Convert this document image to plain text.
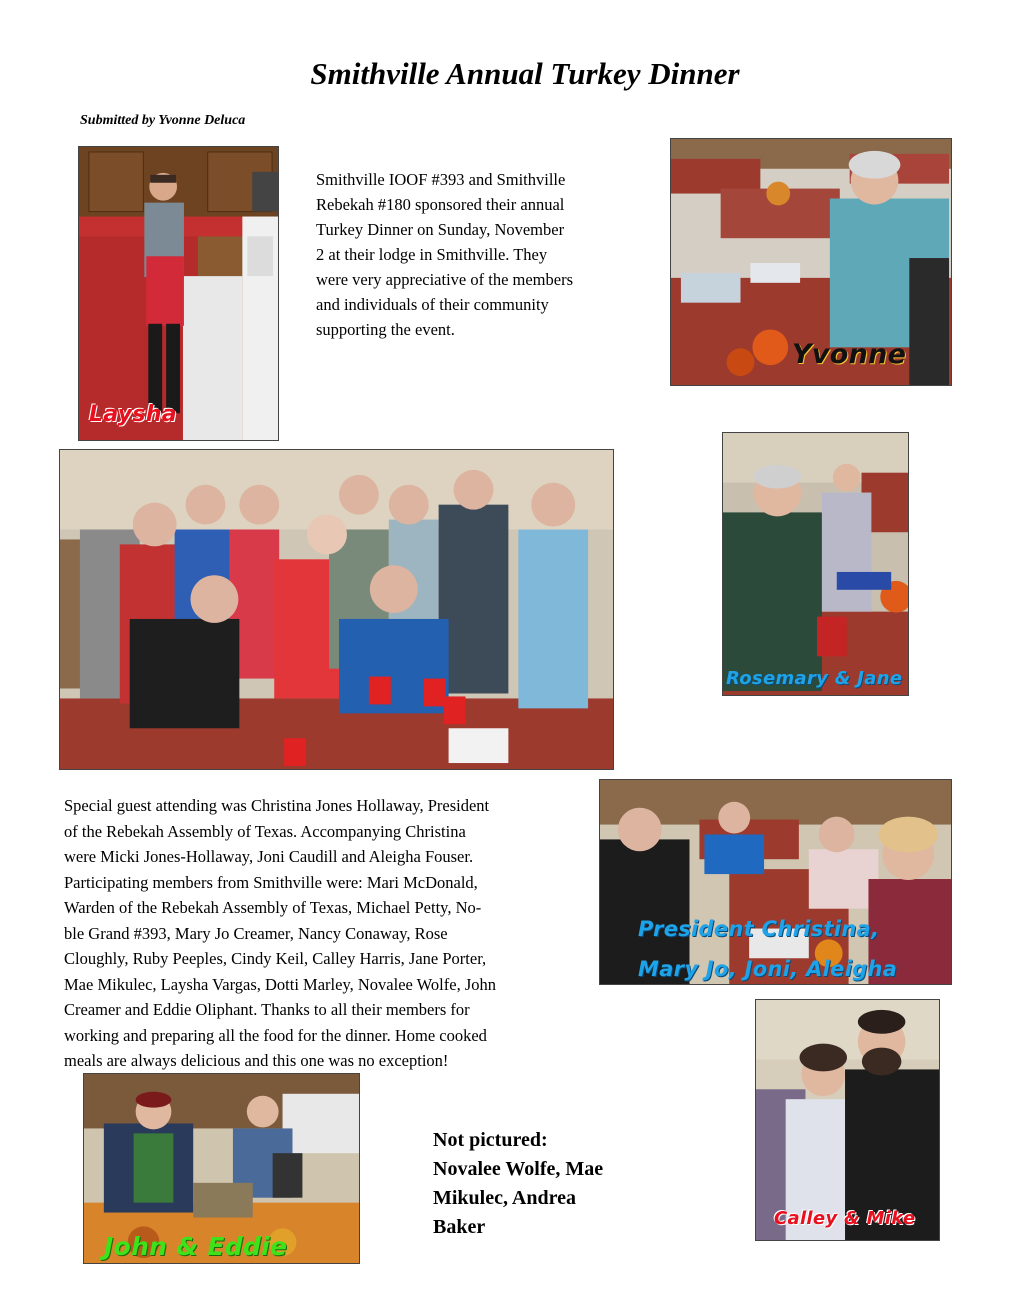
Smithville Annual Turkey Dinner
Submitted by Yvonne Deluca
Smithville IOOF #393 and Smithville
Rebekah #180 sponsored their annual
Turkey Dinner on Sunday, November
2 at their lodge in Smithville. They
were very appreciative of the members
and individuals of their community
supporting the event.
Laysha
Yvonne
Rosemary & Jane
Special guest attending was Christina Jones Hollaway, President
of the Rebekah Assembly of Texas. Accompanying Christina
were Micki Jones-Hollaway, Joni Caudill and Aleigha Fouser.
Participating members from Smithville were: Mari McDonald,
Warden of the Rebekah Assembly of Texas, Michael Petty, No-
ble Grand #393, Mary Jo Creamer, Nancy Conaway, Rose
Cloughly, Ruby Peeples, Cindy Keil, Calley Harris, Jane Porter,
Mae Mikulec, Laysha Vargas, Dotti Marley, Novalee Wolfe, John
Creamer and Eddie Oliphant. Thanks to all their members for
working and preparing all the food for the dinner. Home cooked
meals are always delicious and this one was no exception!
President Christina,
Mary Jo, Joni, Aleigha
Calley & Mike
John & Eddie
Not pictured:
Novalee Wolfe, Mae
Mikulec, Andrea
Baker
